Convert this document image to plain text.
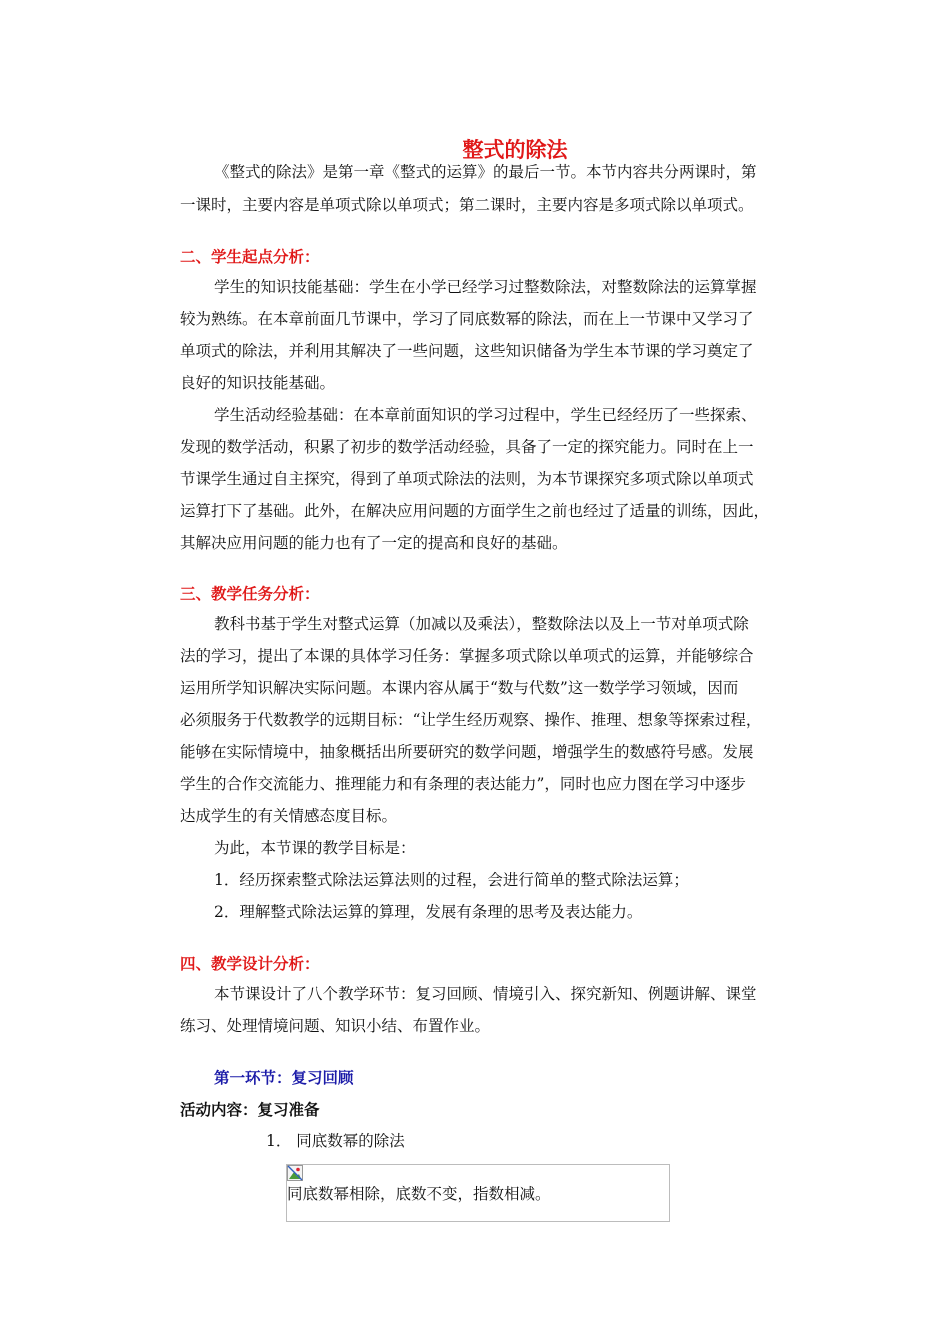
整式的除法
《整式的除法》是第一章《整式的运算》的最后一节。本节内容共分两课时，第
一课时，主要内容是单项式除以单项式；第二课时，主要内容是多项式除以单项式。
二、学生起点分析：
学生的知识技能基础：学生在小学已经学习过整数除法，对整数除法的运算掌握
较为熟练。在本章前面几节课中，学习了同底数幂的除法，而在上一节课中又学习了
单项式的除法，并利用其解决了一些问题，这些知识储备为学生本节课的学习奠定了
良好的知识技能基础。
学生活动经验基础：在本章前面知识的学习过程中，学生已经经历了一些探索、
发现的数学活动，积累了初步的数学活动经验，具备了一定的探究能力。同时在上一
节课学生通过自主探究，得到了单项式除法的法则，为本节课探究多项式除以单项式
运算打下了基础。此外，在解决应用问题的方面学生之前也经过了适量的训练，因此，
其解决应用问题的能力也有了一定的提高和良好的基础。
三、教学任务分析：
教科书基于学生对整式运算（加减以及乘法），整数除法以及上一节对单项式除
法的学习，提出了本课的具体学习任务：掌握多项式除以单项式的运算，并能够综合
运用所学知识解决实际问题。本课内容从属于“数与代数”这一数学学习领域，因而
必须服务于代数教学的远期目标：“让学生经历观察、操作、推理、想象等探索过程，
能够在实际情境中，抽象概括出所要研究的数学问题，增强学生的数感符号感。发展
学生的合作交流能力、推理能力和有条理的表达能力”，同时也应力图在学习中逐步
达成学生的有关情感态度目标。
为此，本节课的教学目标是：
1．经历探索整式除法运算法则的过程，会进行简单的整式除法运算；
2．理解整式除法运算的算理，发展有条理的思考及表达能力。
四、教学设计分析：
本节课设计了八个教学环节：复习回顾、情境引入、探究新知、例题讲解、课堂
练习、处理情境问题、知识小结、布置作业。
第一环节：复习回顾
活动内容：复习准备
1． 同底数幂的除法
同底数幂相除，底数不变，指数相减。
